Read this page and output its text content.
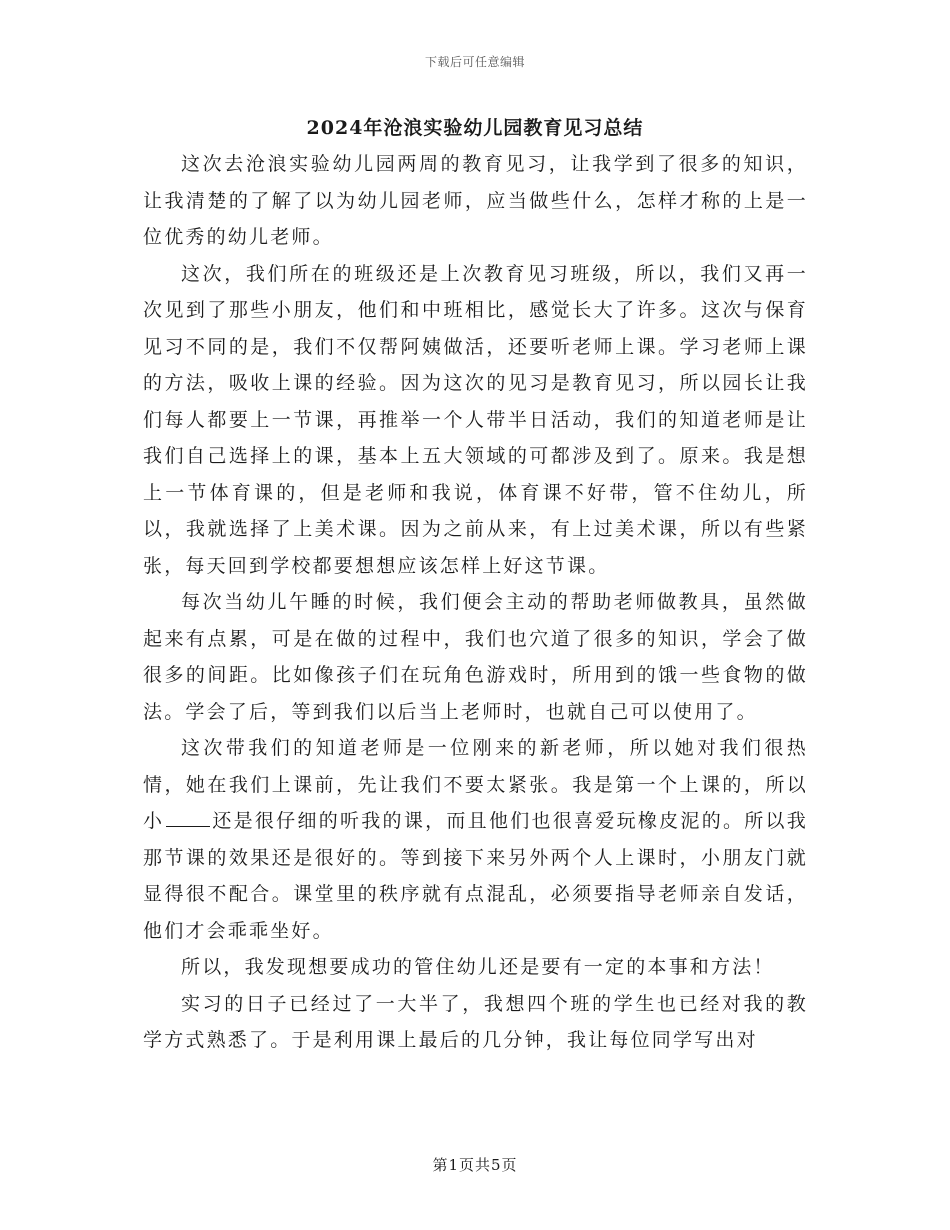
下载后可任意编辑
2024年沧浪实验幼儿园教育见习总结

这次去沧浪实验幼儿园两周的教育见习，让我学到了很多的知识，让我清楚的了解了以为幼儿园老师，应当做些什么，怎样才称的上是一位优秀的幼儿老师。

这次，我们所在的班级还是上次教育见习班级，所以，我们又再一次见到了那些小朋友，他们和中班相比，感觉长大了许多。这次与保育见习不同的是，我们不仅帮阿姨做活，还要听老师上课。学习老师上课的方法，吸收上课的经验。因为这次的见习是教育见习，所以园长让我们每人都要上一节课，再推举一个人带半日活动，我们的知道老师是让我们自己选择上的课，基本上五大领域的可都涉及到了。原来。我是想上一节体育课的，但是老师和我说，体育课不好带，管不住幼儿，所以，我就选择了上美术课。因为之前从来，有上过美术课，所以有些紧张，每天回到学校都要想想应该怎样上好这节课。

每次当幼儿午睡的时候，我们便会主动的帮助老师做教具，虽然做起来有点累，可是在做的过程中，我们也穴道了很多的知识，学会了做很多的间距。比如像孩子们在玩角色游戏时，所用到的饿一些食物的做法。学会了后，等到我们以后当上老师时，也就自己可以使用了。

这次带我们的知道老师是一位刚来的新老师，所以她对我们很热情，她在我们上课前，先让我们不要太紧张。我是第一个上课的，所以小	还是很仔细的听我的课，而且他们也很喜爱玩橡皮泥的。所以我那节课的效果还是很好的。等到接下来另外两个人上课时，小朋友门就显得很不配合。课堂里的秩序就有点混乱，必须要指导老师亲自发话，他们才会乖乖坐好。

所以，我发现想要成功的管住幼儿还是要有一定的本事和方法！

实习的日子已经过了一大半了，我想四个班的学生也已经对我的教学方式熟悉了。于是利用课上最后的几分钟，我让每位同学写出对

第1页共5页
